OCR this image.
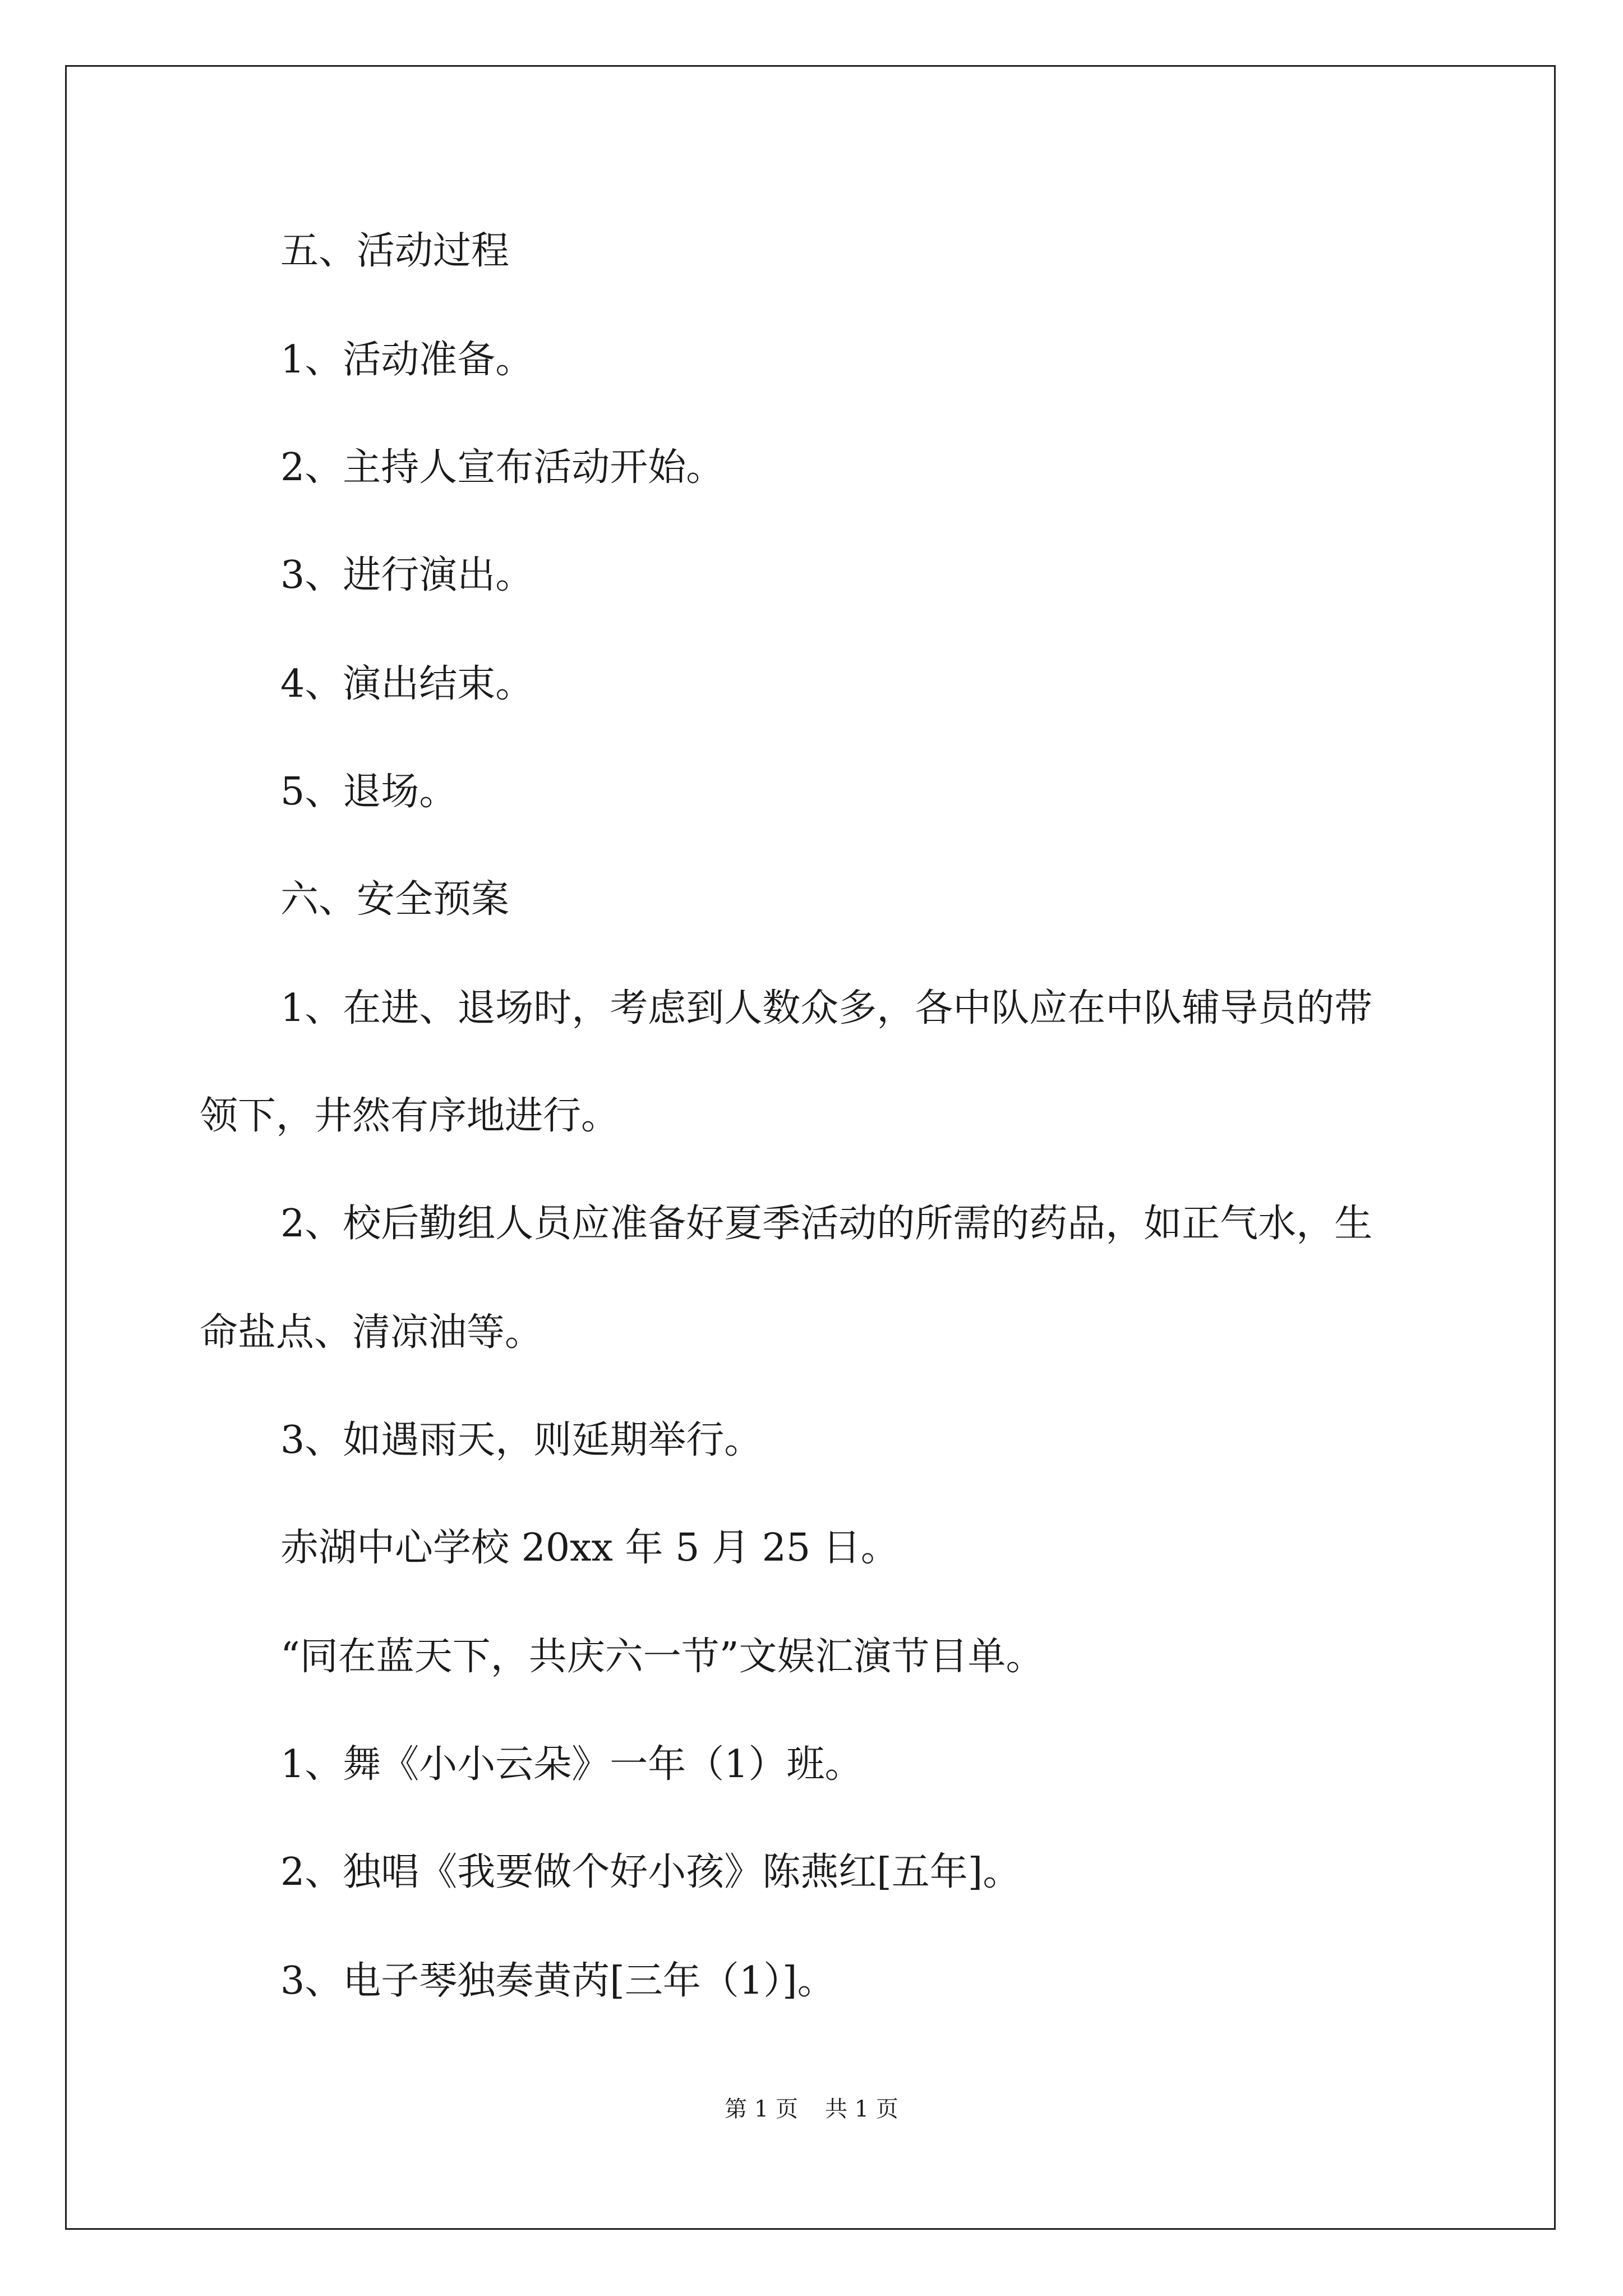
五、活动过程
1、活动准备。
2、主持人宣布活动开始。
3、进行演出。
4、演出结束。
5、退场。
六、安全预案
1、在进、退场时，考虑到人数众多，各中队应在中队辅导员的带
领下，井然有序地进行。
2、校后勤组人员应准备好夏季活动的所需的药品，如正气水，生
命盐点、清凉油等。
3、如遇雨天，则延期举行。
赤湖中心学校 20xx 年 5 月 25 日。
“同在蓝天下，共庆六一节”文娱汇演节目单。
1、舞《小小云朵》一年（1）班。
2、独唱《我要做个好小孩》陈燕红[五年]。
3、电子琴独奏黄芮[三年（1）]。
第 1 页 共 1 页
